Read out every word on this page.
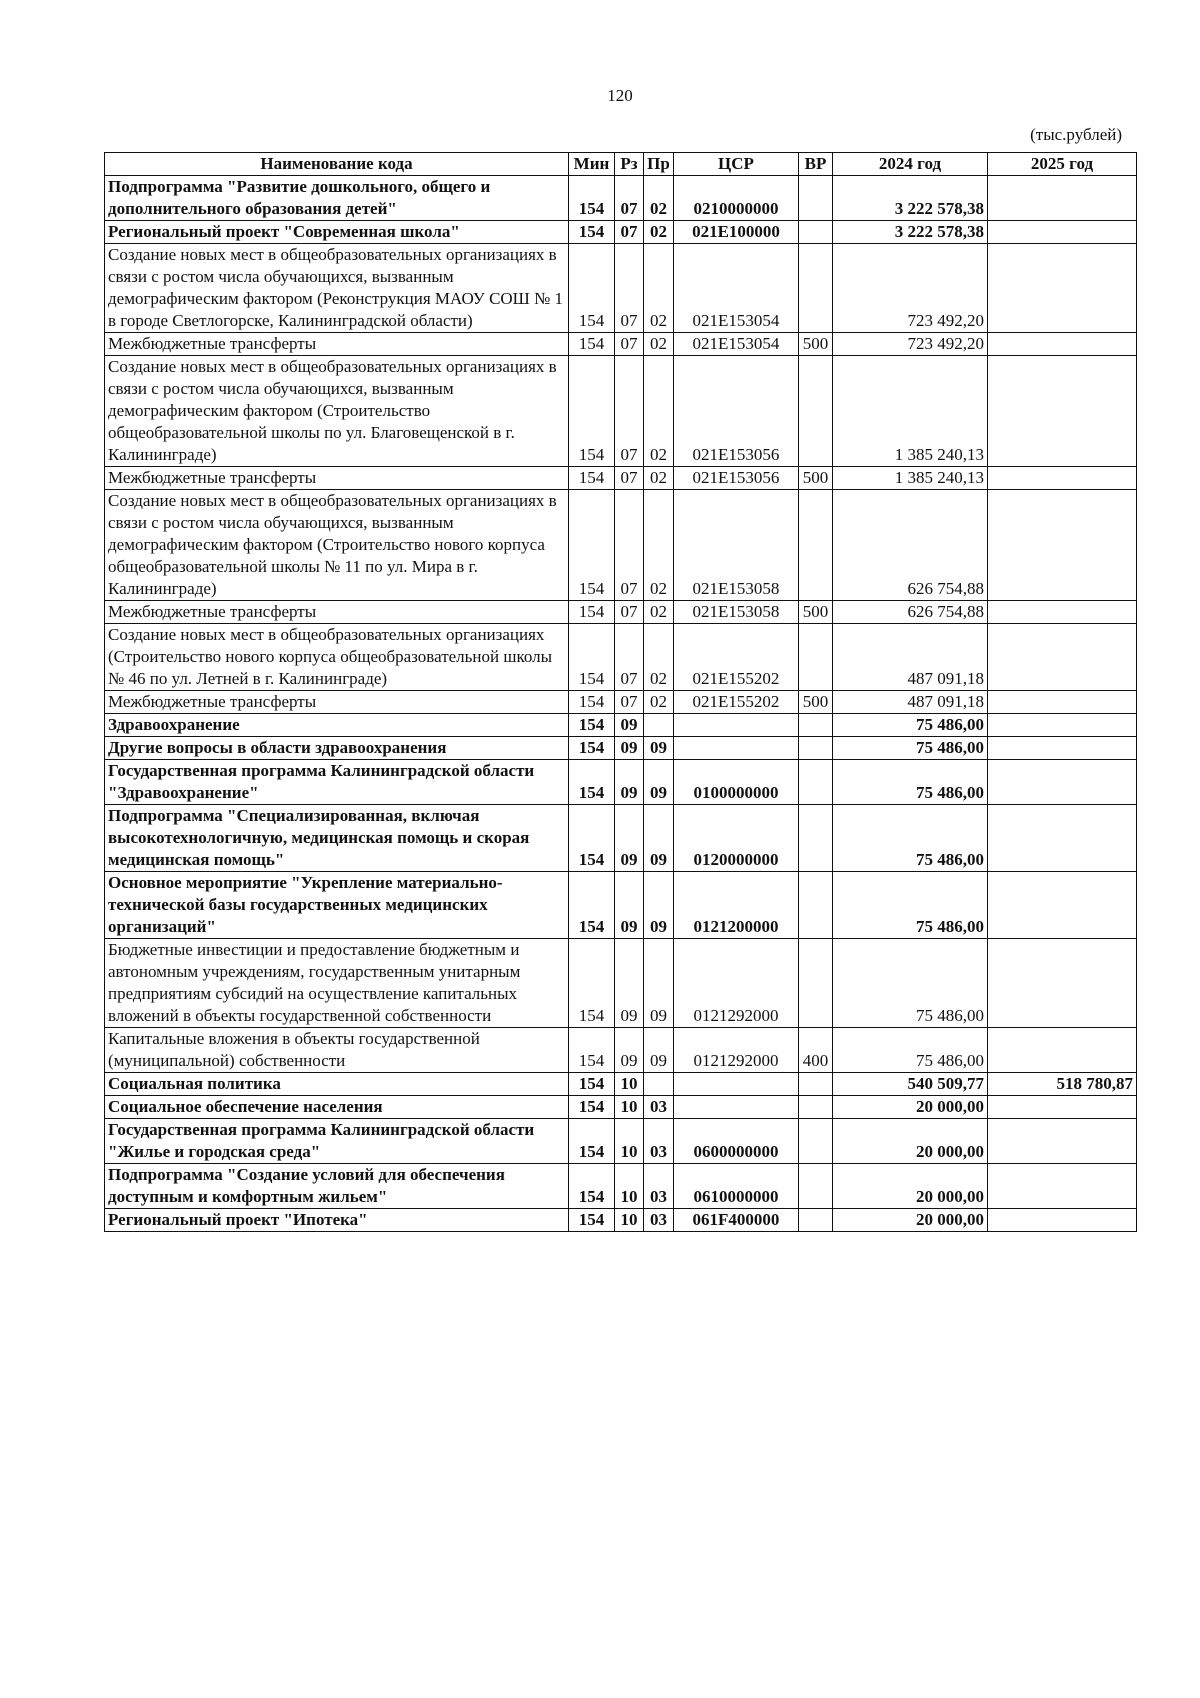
120
(тыс.рублей)
Наименование кода	Мин	Рз	Пр	ЦСР	ВР	2024 год	2025 год
Подпрограмма "Развитие дошкольного, общего и дополнительного образования детей"	154	07	02	0210000000		3 222 578,38	
Региональный проект "Современная школа"	154	07	02	021E100000		3 222 578,38	
Создание новых мест в общеобразовательных организациях в связи с ростом числа обучающихся, вызванным демографическим фактором (Реконструкция МАОУ СОШ № 1 в городе Светлогорске, Калининградской области)	154	07	02	021E153054		723 492,20	
Межбюджетные трансферты	154	07	02	021E153054	500	723 492,20	
Создание новых мест в общеобразовательных организациях в связи с ростом числа обучающихся, вызванным демографическим фактором (Строительство общеобразовательной школы по ул. Благовещенской в г. Калининграде)	154	07	02	021E153056		1 385 240,13	
Межбюджетные трансферты	154	07	02	021E153056	500	1 385 240,13	
Создание новых мест в общеобразовательных организациях в связи с ростом числа обучающихся, вызванным демографическим фактором (Строительство нового корпуса общеобразовательной школы № 11 по ул. Мира в г. Калининграде)	154	07	02	021E153058		626 754,88	
Межбюджетные трансферты	154	07	02	021E153058	500	626 754,88	
Создание новых мест в общеобразовательных организациях (Строительство нового корпуса общеобразовательной школы № 46 по ул. Летней в г. Калининграде)	154	07	02	021E155202		487 091,18	
Межбюджетные трансферты	154	07	02	021E155202	500	487 091,18	
Здравоохранение	154	09				75 486,00	
Другие вопросы в области здравоохранения	154	09	09			75 486,00	
Государственная программа Калининградской области "Здравоохранение"	154	09	09	0100000000		75 486,00	
Подпрограмма "Специализированная, включая высокотехнологичную, медицинская помощь и скорая медицинская помощь"	154	09	09	0120000000		75 486,00	
Основное мероприятие "Укрепление материально-технической базы государственных медицинских организаций"	154	09	09	0121200000		75 486,00	
Бюджетные инвестиции и предоставление бюджетным и автономным учреждениям, государственным унитарным предприятиям субсидий на осуществление капитальных вложений в объекты государственной собственности	154	09	09	0121292000		75 486,00	
Капитальные вложения в объекты государственной (муниципальной) собственности	154	09	09	0121292000	400	75 486,00	
Социальная политика	154	10				540 509,77	518 780,87
Социальное обеспечение населения	154	10	03			20 000,00	
Государственная программа Калининградской области "Жилье и городская среда"	154	10	03	0600000000		20 000,00	
Подпрограмма "Создание условий для обеспечения доступным и комфортным жильем"	154	10	03	0610000000		20 000,00	
Региональный проект "Ипотека"	154	10	03	061F400000		20 000,00	
